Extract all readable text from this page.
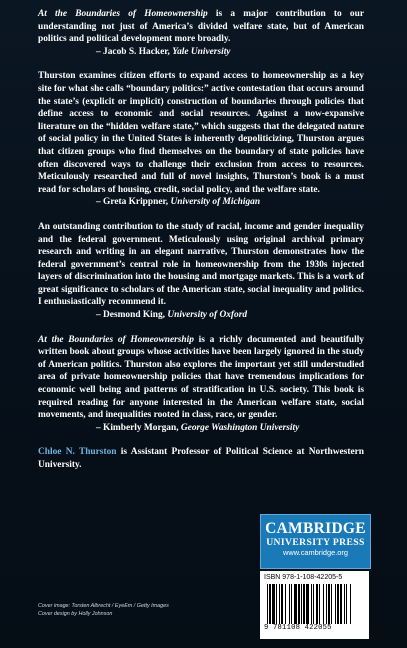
At the Boundaries of Homeownership is a major contribution to our understanding not just of America’s divided welfare state, but of American politics and political development more broadly.

– Jacob S. Hacker, Yale University

Thurston examines citizen efforts to expand access to homeownership as a key site for what she calls “boundary politics:” active contestation that occurs around the state’s (explicit or implicit) construction of boundaries through policies that define access to economic and social resources. Against a now-expansive literature on the “hidden welfare state,” which suggests that the delegated nature of social policy in the United States is inherently depoliticizing, Thurston argues that citizen groups who find themselves on the boundary of state policies have often discovered ways to challenge their exclusion from access to resources. Meticulously researched and full of novel insights, Thurston’s book is a must read for scholars of housing, credit, social policy, and the welfare state.

– Greta Krippner, University of Michigan

An outstanding contribution to the study of racial, income and gender inequality and the federal government. Meticulously using original archival primary research and writing in an elegant narrative, Thurston demonstrates how the federal government’s central role in homeownership from the 1930s injected layers of discrimination into the housing and mortgage markets. This is a work of great significance to scholars of the American state, social inequality and politics. I enthusiastically recommend it.

– Desmond King, University of Oxford

At the Boundaries of Homeownership is a richly documented and beautifully written book about groups whose activities have been largely ignored in the study of American politics. Thurston also explores the important yet still understudied area of private homeownership policies that have tremendous implications for economic well being and patterns of stratification in U.S. society. This book is required reading for anyone interested in the American welfare state, social movements, and inequalities rooted in class, race, or gender.

– Kimberly Morgan, George Washington University

Chloe N. Thurston is Assistant Professor of Political Science at Northwestern University.

CAMBRIDGE
UNIVERSITY PRESS
www.cambridge.org
ISBN 978-1-108-42205-5
9 781108 422055
Cover image: Torsten Albrecht / EyeEm / Getty Images
Cover design by Holly Johnson
